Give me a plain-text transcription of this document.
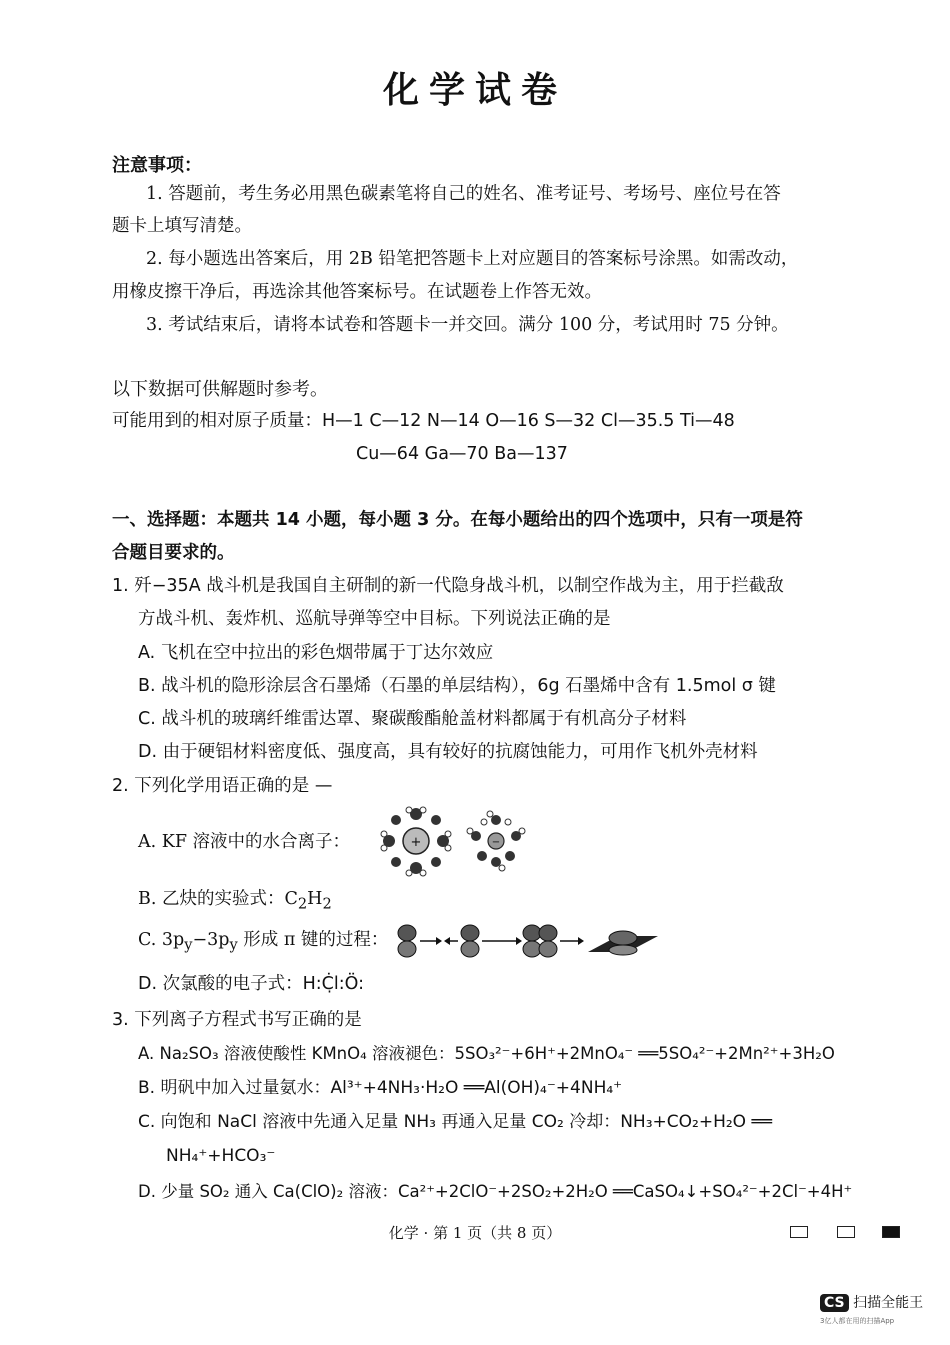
化学试卷
注意事项：
1. 答题前，考生务必用黑色碳素笔将自己的姓名、准考证号、考场号、座位号在答
题卡上填写清楚。
2. 每小题选出答案后，用 2B 铅笔把答题卡上对应题目的答案标号涂黑。如需改动，
用橡皮擦干净后，再选涂其他答案标号。在试题卷上作答无效。
3. 考试结束后，请将本试卷和答题卡一并交回。满分 100 分，考试用时 75 分钟。
以下数据可供解题时参考。
可能用到的相对原子质量：H—1 C—12 N—14 O—16 S—32 Cl—35.5 Ti—48
Cu—64 Ga—70 Ba—137
一、选择题：本题共 14 小题，每小题 3 分。在每小题给出的四个选项中，只有一项是符
合题目要求的。
1. 歼−35A 战斗机是我国自主研制的新一代隐身战斗机，以制空作战为主，用于拦截敌
方战斗机、轰炸机、巡航导弹等空中目标。下列说法正确的是
A. 飞机在空中拉出的彩色烟带属于丁达尔效应
B. 战斗机的隐形涂层含石墨烯（石墨的单层结构），6g 石墨烯中含有 1.5mol σ 键
C. 战斗机的玻璃纤维雷达罩、聚碳酸酯舱盖材料都属于有机高分子材料
D. 由于硬铝材料密度低、强度高，具有较好的抗腐蚀能力，可用作飞机外壳材料
2. 下列化学用语正确的是 —
A. KF 溶液中的水合离子：	+	−
B. 乙炔的实验式：$C_2H_2$
C. $3p_y-3p_y$ 形成 π 键的过程：
D. 次氯酸的电子式：H:Ċ̣l:Ö:
3. 下列离子方程式书写正确的是
A. Na₂SO₃ 溶液使酸性 KMnO₄ 溶液褪色：5SO₃²⁻+6H⁺+2MnO₄⁻ ══5SO₄²⁻+2Mn²⁺+3H₂O
B. 明矾中加入过量氨水：Al³⁺+4NH₃·H₂O ══Al(OH)₄⁻+4NH₄⁺
C. 向饱和 NaCl 溶液中先通入足量 NH₃ 再通入足量 CO₂ 冷却：NH₃+CO₂+H₂O ══
NH₄⁺+HCO₃⁻
D. 少量 SO₂ 通入 Ca(ClO)₂ 溶液：Ca²⁺+2ClO⁻+2SO₂+2H₂O ══CaSO₄↓+SO₄²⁻+2Cl⁻+4H⁺
化学 · 第 1 页（共 8 页）
CS 扫描全能王
3亿人都在用的扫描App
